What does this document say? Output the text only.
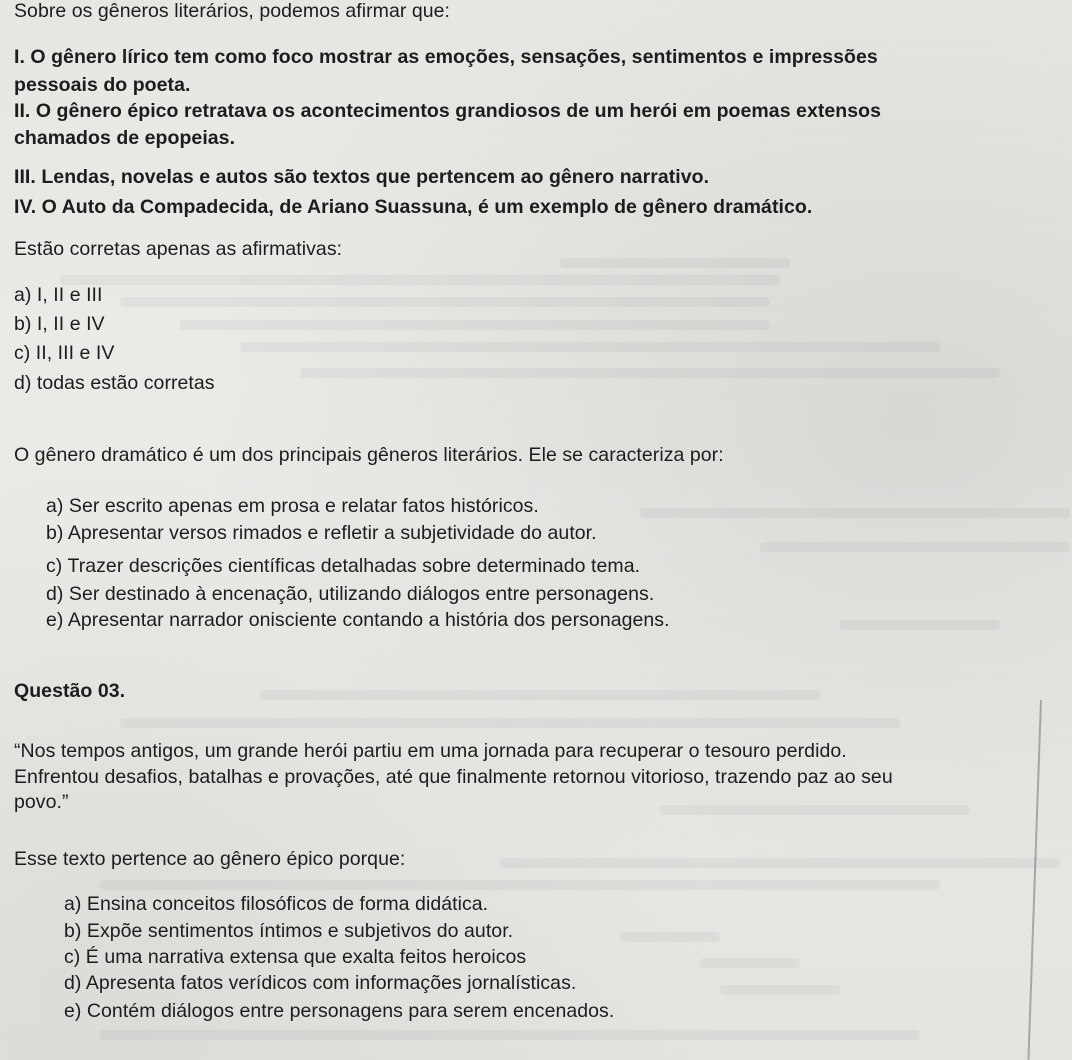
Sobre os gêneros literários, podemos afirmar que:
I. O gênero lírico tem como foco mostrar as emoções, sensações, sentimentos e impressões
pessoais do poeta.
II. O gênero épico retratava os acontecimentos grandiosos de um herói em poemas extensos
chamados de epopeias.
III. Lendas, novelas e autos são textos que pertencem ao gênero narrativo.
IV. O Auto da Compadecida, de Ariano Suassuna, é um exemplo de gênero dramático.
Estão corretas apenas as afirmativas:
a) I, II e III
b) I, II e IV
c) II, III e IV
d) todas estão corretas
O gênero dramático é um dos principais gêneros literários. Ele se caracteriza por:
a) Ser escrito apenas em prosa e relatar fatos históricos.
b) Apresentar versos rimados e refletir a subjetividade do autor.
c) Trazer descrições científicas detalhadas sobre determinado tema.
d) Ser destinado à encenação, utilizando diálogos entre personagens.
e) Apresentar narrador onisciente contando a história dos personagens.
Questão 03.
“Nos tempos antigos, um grande herói partiu em uma jornada para recuperar o tesouro perdido.
Enfrentou desafios, batalhas e provações, até que finalmente retornou vitorioso, trazendo paz ao seu
povo.”
Esse texto pertence ao gênero épico porque:
a) Ensina conceitos filosóficos de forma didática.
b) Expõe sentimentos íntimos e subjetivos do autor.
c) É uma narrativa extensa que exalta feitos heroicos
d) Apresenta fatos verídicos com informações jornalísticas.
e) Contém diálogos entre personagens para serem encenados.
